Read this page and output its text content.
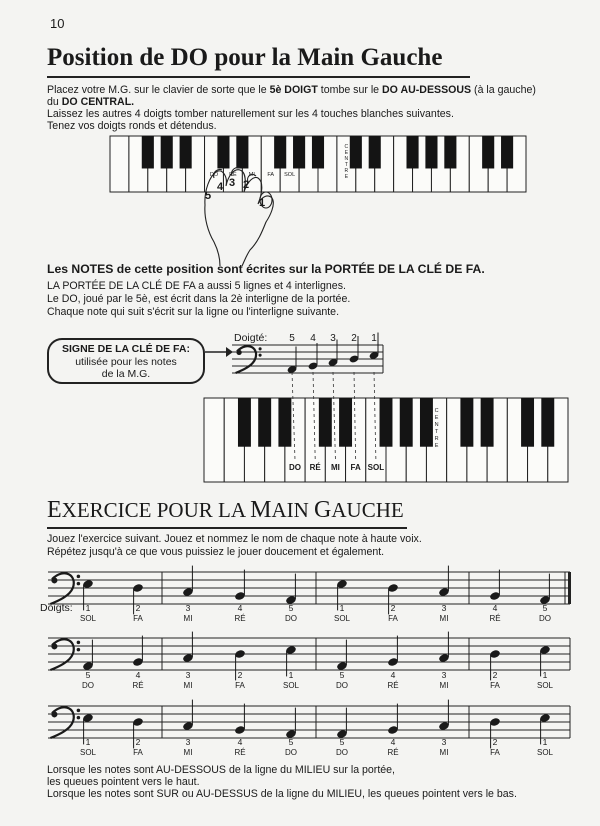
10
Position de DO pour la Main Gauche
Placez votre M.G. sur le clavier de sorte que le 5è DOIGT tombe sur le DO AU-DESSOUS (à la gauche)
du DO CENTRAL.
Laissez les autres 4 doigts tomber naturellement sur les 4 touches blanches suivantes.
Tenez vos doigts ronds et détendus.
Les NOTES de cette position sont écrites sur la PORTÉE DE LA CLÉ DE FA.
LA PORTÉE DE LA CLÉ DE FA a aussi 5 lignes et 4 interlignes.
Le DO, joué par le 5è, est écrit dans la 2è interligne de la portée.
Chaque note qui suit s'écrit sur la ligne ou l'interligne suivante.
SIGNE DE LA CLÉ DE FA:
utilisée pour les notes
de la M.G.
EXERCICE POUR LA MAIN GAUCHE
Jouez l'exercice suivant. Jouez et nommez le nom de chaque note à haute voix.
Répétez jusqu'à ce que vous puissiez le jouer doucement et également.
Lorsque les notes sont AU-DESSOUS de la ligne du MILIEU sur la portée,
les queues pointent vers le haut.
Lorsque les notes sont SUR ou AU-DESSUS de la ligne du MILIEU, les queues pointent vers le bas.
C
E
N
T
R
E
DO RÉ MI FA SOL
5
4 3 2
1
Doigté: 5 4 3 2 1
C
E
N
T
R
E
DO RÉ MI FA SOL
Doigts: 1
SOL
2
FA
3
MI
4
RÉ
5
DO
1
SOL
2
FA
3
MI
4
RÉ
5
DO
5
DO
4
RÉ
3
MI
2
FA
1
SOL
5
DO
4
RÉ
3
MI
2
FA
1
SOL
1
SOL
2
FA
3
MI
4
RÉ
5
DO
5
DO
4
RÉ
3
MI
2
FA
1
SOL
